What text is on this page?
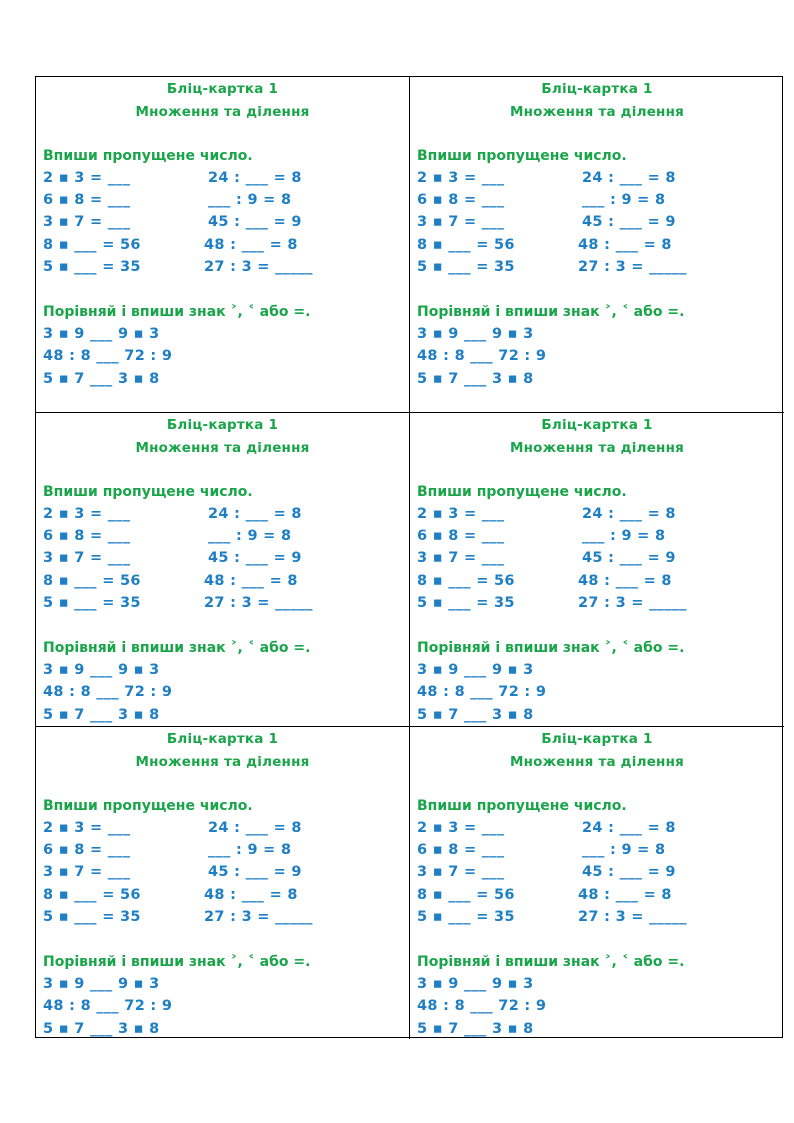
Бліц-картка 1
Множення та ділення
Впиши пропущене число.
2 ▪ 3 = ___
6 ▪ 8 = ___
3 ▪ 7 = ___
8 ▪ ___ = 56
5 ▪ ___ = 35
24 : ___ = 8
___ : 9 = 8
45 : ___ = 9
48 : ___ = 8
27 : 3 = _____
Порівняй і впиши знак ˃, ˂ або =.
3 ▪ 9 ___ 9 ▪ 3
48 : 8 ___ 72 : 9
5 ▪ 7 ___ 3 ▪ 8
Бліц-картка 1
Множення та ділення
Впиши пропущене число.
2 ▪ 3 = ___
6 ▪ 8 = ___
3 ▪ 7 = ___
8 ▪ ___ = 56
5 ▪ ___ = 35
24 : ___ = 8
___ : 9 = 8
45 : ___ = 9
48 : ___ = 8
27 : 3 = _____
Порівняй і впиши знак ˃, ˂ або =.
3 ▪ 9 ___ 9 ▪ 3
48 : 8 ___ 72 : 9
5 ▪ 7 ___ 3 ▪ 8
Бліц-картка 1
Множення та ділення
Впиши пропущене число.
2 ▪ 3 = ___
6 ▪ 8 = ___
3 ▪ 7 = ___
8 ▪ ___ = 56
5 ▪ ___ = 35
24 : ___ = 8
___ : 9 = 8
45 : ___ = 9
48 : ___ = 8
27 : 3 = _____
Порівняй і впиши знак ˃, ˂ або =.
3 ▪ 9 ___ 9 ▪ 3
48 : 8 ___ 72 : 9
5 ▪ 7 ___ 3 ▪ 8
Бліц-картка 1
Множення та ділення
Впиши пропущене число.
2 ▪ 3 = ___
6 ▪ 8 = ___
3 ▪ 7 = ___
8 ▪ ___ = 56
5 ▪ ___ = 35
24 : ___ = 8
___ : 9 = 8
45 : ___ = 9
48 : ___ = 8
27 : 3 = _____
Порівняй і впиши знак ˃, ˂ або =.
3 ▪ 9 ___ 9 ▪ 3
48 : 8 ___ 72 : 9
5 ▪ 7 ___ 3 ▪ 8
Бліц-картка 1
Множення та ділення
Впиши пропущене число.
2 ▪ 3 = ___
6 ▪ 8 = ___
3 ▪ 7 = ___
8 ▪ ___ = 56
5 ▪ ___ = 35
24 : ___ = 8
___ : 9 = 8
45 : ___ = 9
48 : ___ = 8
27 : 3 = _____
Порівняй і впиши знак ˃, ˂ або =.
3 ▪ 9 ___ 9 ▪ 3
48 : 8 ___ 72 : 9
5 ▪ 7 ___ 3 ▪ 8
Бліц-картка 1
Множення та ділення
Впиши пропущене число.
2 ▪ 3 = ___
6 ▪ 8 = ___
3 ▪ 7 = ___
8 ▪ ___ = 56
5 ▪ ___ = 35
24 : ___ = 8
___ : 9 = 8
45 : ___ = 9
48 : ___ = 8
27 : 3 = _____
Порівняй і впиши знак ˃, ˂ або =.
3 ▪ 9 ___ 9 ▪ 3
48 : 8 ___ 72 : 9
5 ▪ 7 ___ 3 ▪ 8
